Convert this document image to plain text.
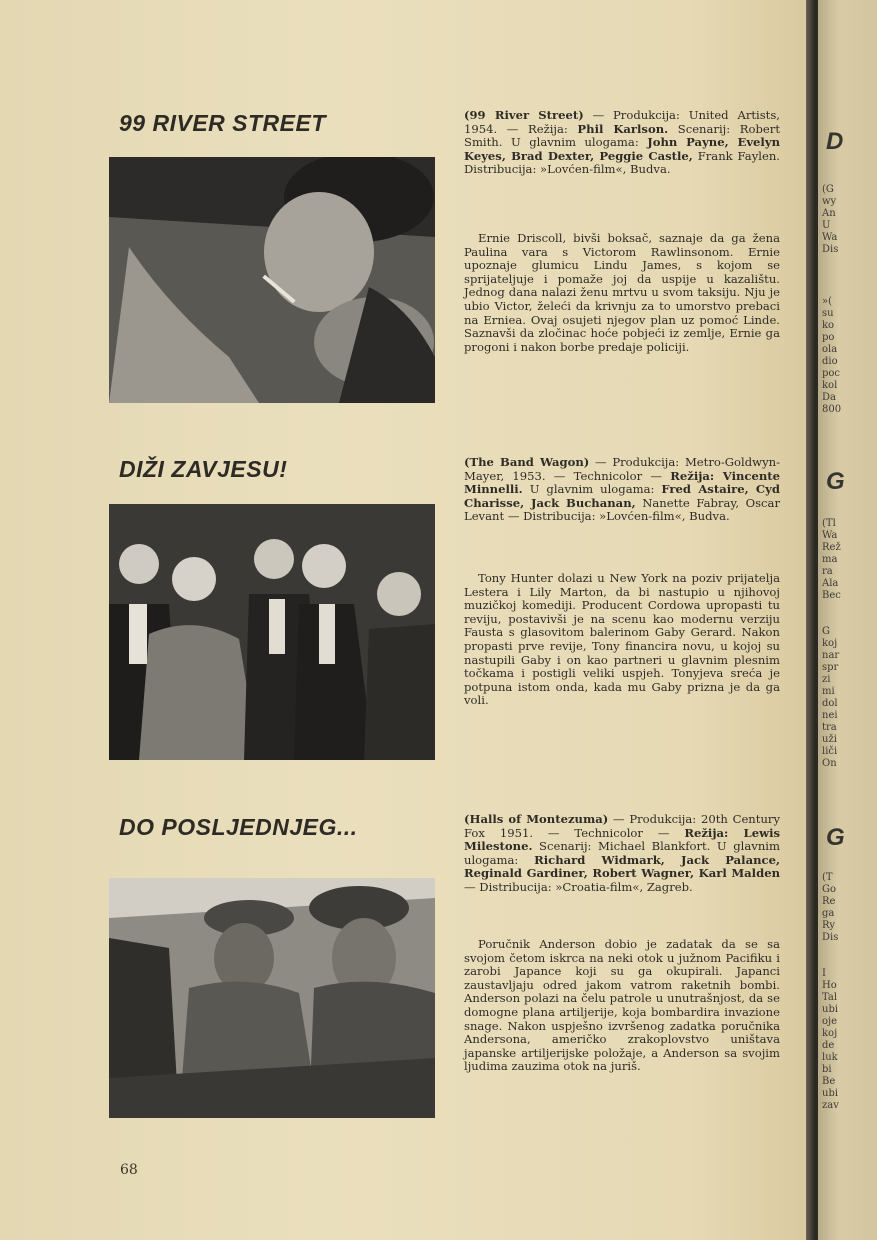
99 RIVER STREET	(99 River Street) — Produkcija: United Artists, 1954. — Režija: Phil Karlson. Scenarij: Robert Smith. U glavnim ulogama: John Payne, Evelyn Keyes, Brad Dexter, Peggie Castle, Frank Faylen. Distribucija: »Lovćen-film«, Budva.

Ernie Driscoll, bivši boksač, saznaje da ga žena Paulina vara s Victorom Rawlinsonom. Ernie upoznaje glumicu Lindu James, s kojom se sprijateljuje i pomaže joj da uspije u kazalištu. Jednog dana nalazi ženu mrtvu u svom taksiju. Nju je ubio Victor, želeći da krivnju za to umorstvo prebaci na Erniea. Ovaj osujeti njegov plan uz pomoć Linde. Saznavši da zločinac hoće pobjeći iz zemlje, Ernie ga progoni i nakon borbe predaje policiji.

DIŽI ZAVJESU!	(The Band Wagon) — Produkcija: Metro-Goldwyn-Mayer, 1953. — Technicolor — Režija: Vincente Minnelli. U glavnim ulogama: Fred Astaire, Cyd Charisse, Jack Buchanan, Nanette Fabray, Oscar Levant — Distribucija: »Lovćen-film«, Budva.

Tony Hunter dolazi u New York na poziv prijatelja Lestera i Lily Marton, da bi nastupio u njihovoj muzičkoj komediji. Producent Cordowa upropasti tu reviju, postavivši je na scenu kao modernu verziju Fausta s glasovitom balerinom Gaby Gerard. Nakon propasti prve revije, Tony financira novu, u kojoj su nastupili Gaby i on kao partneri u glavnim plesnim točkama i postigli veliki uspjeh. Tonyjeva sreća je potpuna istom onda, kada mu Gaby prizna je da ga voli.

DO POSLJEDNJEG...	(Halls of Montezuma) — Produkcija: 20th Century Fox 1951. — Technicolor — Režija: Lewis Milestone. Scenarij: Michael Blankfort. U glavnim ulogama: Richard Widmark, Jack Palance, Reginald Gardiner, Robert Wagner, Karl Malden — Distribucija: »Croatia-film«, Zagreb.

Poručnik Anderson dobio je zadatak da se sa svojom četom iskrca na neki otok u južnom Pacifiku i zarobi Japance koji su ga okupirali. Japanci zaustavljaju odred jakom vatrom raketnih bombi. Anderson polazi na čelu patrole u unutrašnjost, da se domogne plana artiljerije, koja bombardira invazione snage. Nakon uspješno izvršenog zadatka poručnika Andersona, američko zrakoplovstvo uništava japanske artiljerijske položaje, a Anderson sa svojim ljudima zauzima otok na juriš.

68
D
(G
wy
An
U
Wa
Dis
»(
su
ko
po
ola
dio
poc
kol
Da
800
G
(Tl
Wa
Rež
ma
ra
Ala
Bec
G
koj
nar
spr
zi
mi
dol
nei
tra
uži
liči
On
G
(T
Go
Re
ga
Ry
Dis
I
Ho
Tal
ubi
oje
koj
de
luk
bi
Be
ubi
zav
